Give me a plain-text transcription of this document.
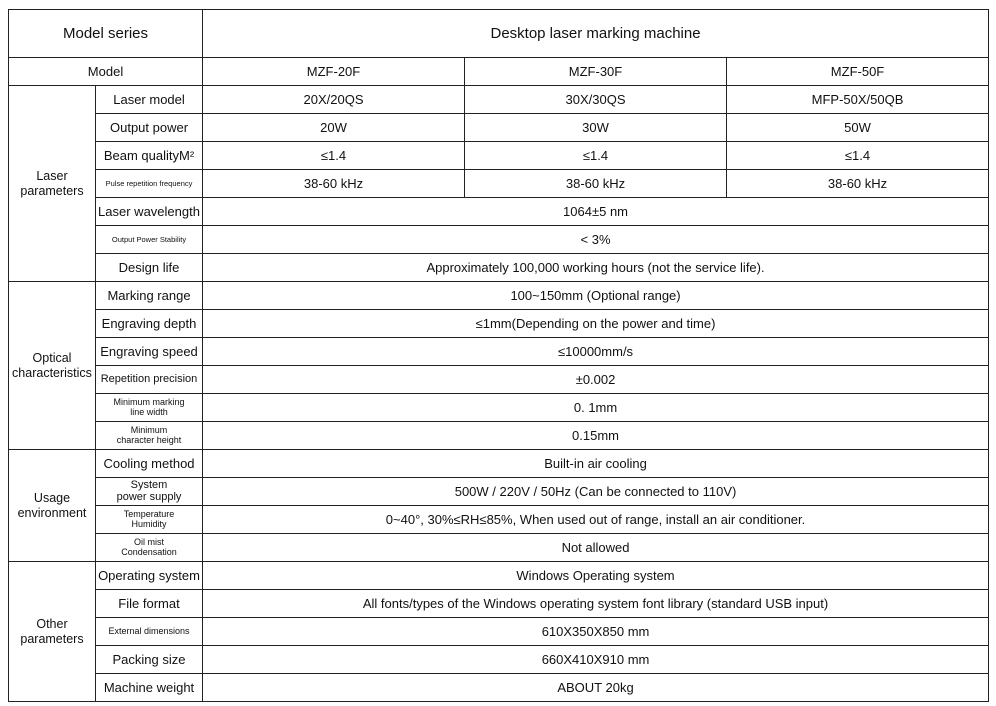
Model series		Desktop laser marking machine		
Model		MZF-20F	MZF-30F	MZF-50F
Laser
parameters	Laser model	20X/20QS	30X/30QS	MFP-50X/50QB
	Output power	20W	30W	50W
	Beam qualityM²	≤1.4	≤1.4	≤1.4
	Pulse repetition frequency	38-60 kHz	38-60 kHz	38-60 kHz
	Laser wavelength	1064±5 nm		
	Output Power Stability	< 3%		
	Design life	Approximately 100,000 working hours (not the service life).		
Optical
characteristics	Marking range	100~150mm (Optional range)		
	Engraving depth	≤1mm(Depending on the power and time)		
	Engraving speed	≤10000mm/s		
	Repetition precision	±0.002		
	Minimum marking
line width	0. 1mm		
	Minimum
character height	0.15mm		
Usage
environment	Cooling method	Built-in air cooling		
	System
power supply	500W / 220V / 50Hz (Can be connected to 110V)		
	Temperature
Humidity	0~40°, 30%≤RH≤85%, When used out of range, install an air conditioner.		
	Oil mist
Condensation	Not allowed		
Other
parameters	Operating system	Windows Operating system		
	File format	All fonts/types of the Windows operating system font library (standard USB input)		
	External dimensions	610X350X850 mm		
	Packing size	660X410X910 mm		
	Machine weight	ABOUT 20kg		
